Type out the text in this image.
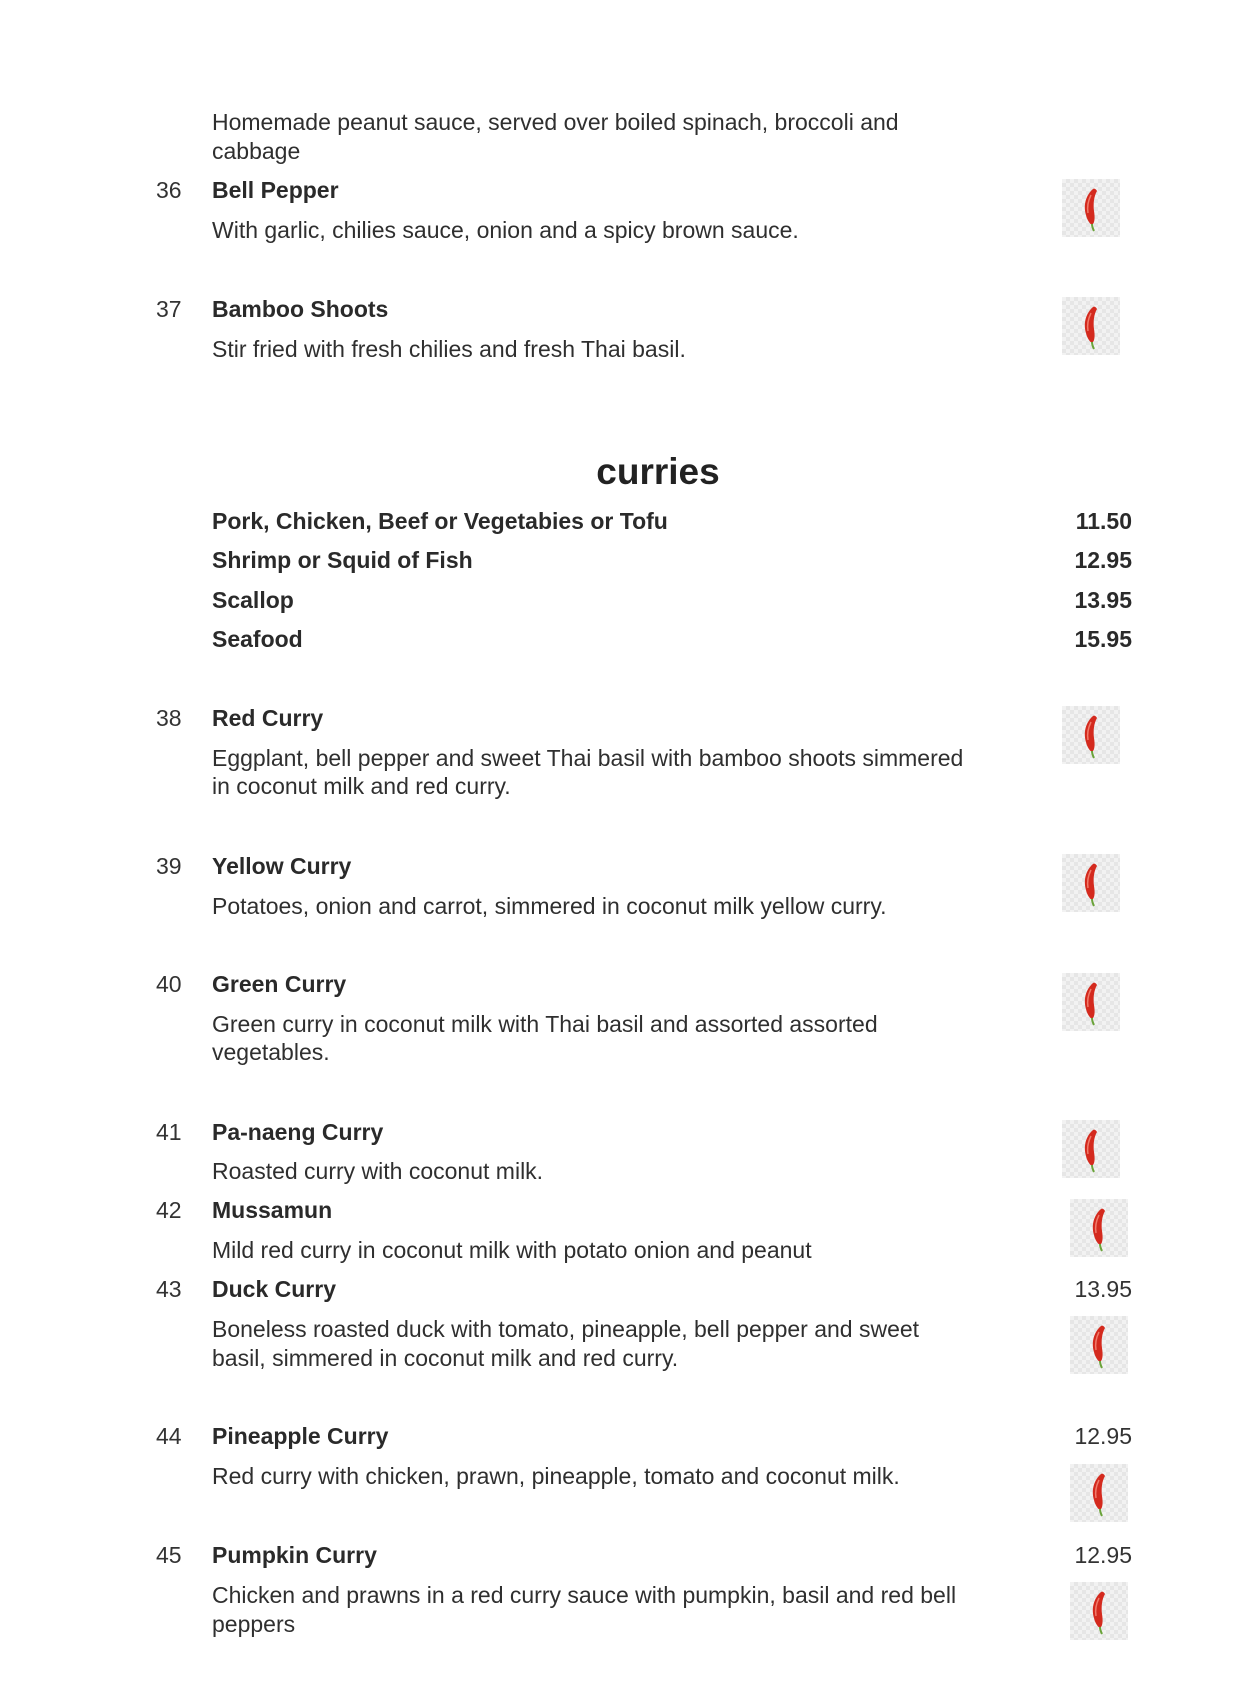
Homemade peanut sauce, served over boiled spinach, broccoli and
cabbage
36 Bell Pepper
With garlic, chilies sauce, onion and a spicy brown sauce.
37 Bamboo Shoots
Stir fried with fresh chilies and fresh Thai basil.
curries
Pork, Chicken, Beef or Vegetabies or Tofu	11.50
Shrimp or Squid of Fish	12.95
Scallop	13.95
Seafood	15.95
38 Red Curry
Eggplant, bell pepper and sweet Thai basil with bamboo shoots simmered
in coconut milk and red curry.
39 Yellow Curry
Potatoes, onion and carrot, simmered in coconut milk yellow curry.
40 Green Curry
Green curry in coconut milk with Thai basil and assorted assorted
vegetables.
41 Pa-naeng Curry
Roasted curry with coconut milk.
42 Mussamun
Mild red curry in coconut milk with potato onion and peanut
43 Duck Curry	13.95
Boneless roasted duck with tomato, pineapple, bell pepper and sweet
basil, simmered in coconut milk and red curry.
44 Pineapple Curry	12.95
Red curry with chicken, prawn, pineapple, tomato and coconut milk.
45 Pumpkin Curry	12.95
Chicken and prawns in a red curry sauce with pumpkin, basil and red bell
peppers
